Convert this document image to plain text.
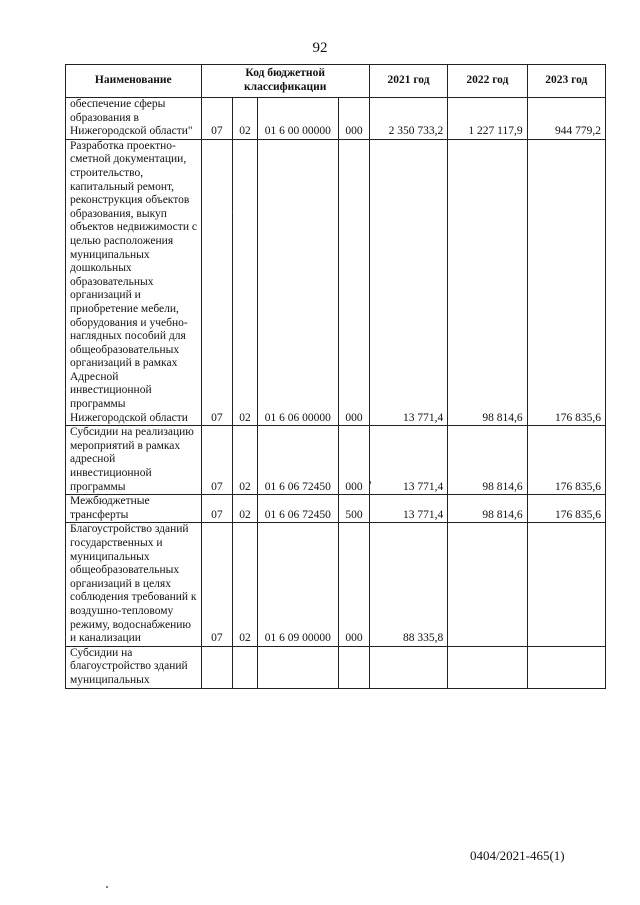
92
Наименование	Код бюджетной классификации				2021 год	2022 год	2023 год
обеспечение сферы образования в Нижегородской области"	07	02	01 6 00 00000	000	2 350 733,2	1 227 117,9	944 779,2
Разработка проектно-сметной документации, строительство, капитальный ремонт, реконструкция объектов образования, выкуп объектов недвижимости с целью расположения муниципальных дошкольных образовательных организаций и приобретение мебели, оборудования и учебно-наглядных пособий для общеобразовательных организаций в рамках Адресной инвестиционной программы Нижегородской области	07	02	01 6 06 00000	000	13 771,4	98 814,6	176 835,6
Субсидии на реализацию мероприятий в рамках адресной инвестиционной программы	07	02	01 6 06 72450	000	13 771,4	98 814,6	176 835,6
Межбюджетные трансферты	07	02	01 6 06 72450	500	13 771,4	98 814,6	176 835,6
Благоустройство зданий государственных и муниципальных общеобразовательных организаций в целях соблюдения требований к воздушно-тепловому режиму, водоснабжению и канализации	07	02	01 6 09 00000	000	88 335,8		
Субсидии на благоустройство зданий муниципальных							
0404/2021-465(1)
